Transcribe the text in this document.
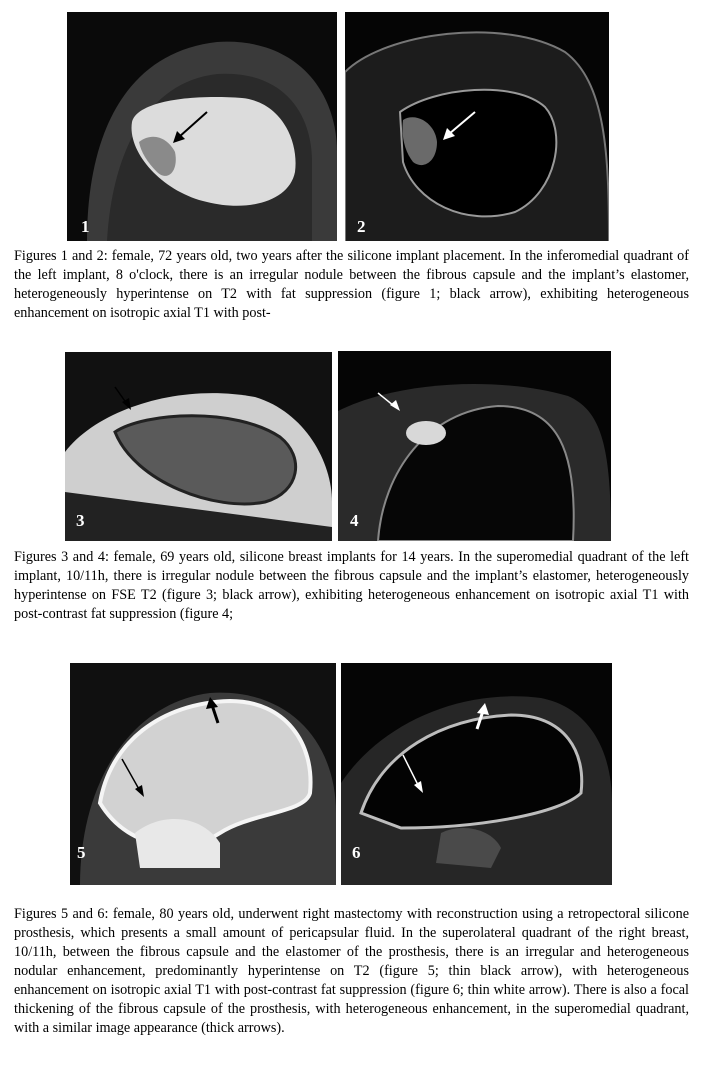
1	2

Figures 1 and 2: female, 72 years old, two years after the silicone implant placement. In the inferomedial quadrant of the left implant, 8 o'clock, there is an irregular nodule between the fibrous capsule and the implant’s elastomer, heterogeneously hyperintense on T2 with fat suppression (figure 1; black arrow), exhibiting heterogeneous enhancement on isotropic axial T1 with post-

3	4

Figures 3 and 4: female, 69 years old, silicone breast implants for 14 years. In the superomedial quadrant of the left implant, 10/11h, there is irregular nodule between the fibrous capsule and the implant’s elastomer, heterogeneously hyperintense on FSE T2 (figure 3; black arrow), exhibiting heterogeneous enhancement on isotropic axial T1 with post-contrast fat suppression (figure 4;

5	6

Figures 5 and 6: female, 80 years old, underwent right mastectomy with reconstruction using a retropectoral silicone prosthesis, which presents a small amount of pericapsular fluid. In the superolateral quadrant of the right breast, 10/11h, between the fibrous capsule and the elastomer of the prosthesis, there is an irregular and heterogeneous nodular enhancement, predominantly hyperintense on T2 (figure 5; thin black arrow), with heterogeneous enhancement on isotropic axial T1 with post-contrast fat suppression (figure 6; thin white arrow). There is also a focal thickening of the fibrous capsule of the prosthesis, with heterogeneous enhancement, in the superomedial quadrant, with a similar image appearance (thick arrows).
